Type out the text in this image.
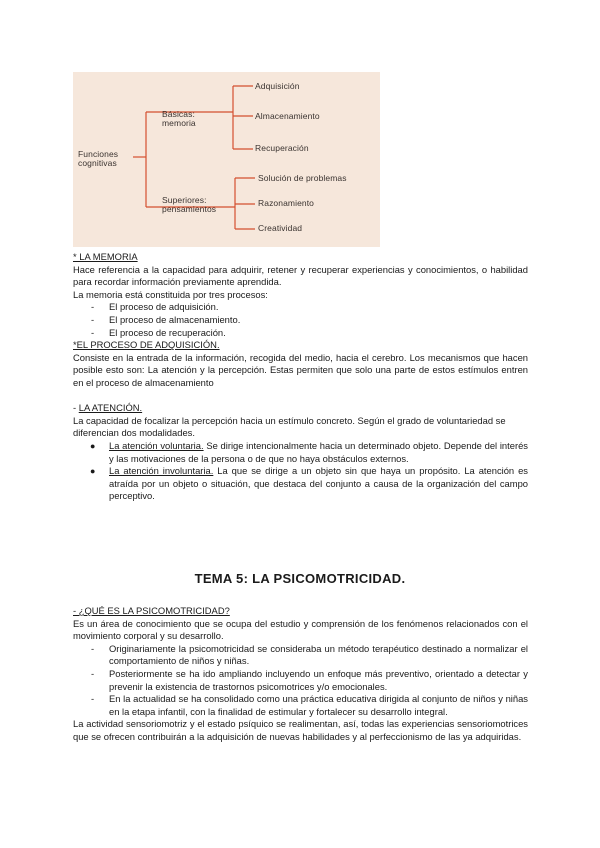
Funciones
cognitivas
Básicas:
memoria
Superiores:
pensamientos
Adquisición
Almacenamiento
Recuperación
Solución de problemas
Razonamiento
Creatividad

* LA MEMORIA

Hace referencia a la capacidad para adquirir, retener y recuperar experiencias y conocimientos, o habilidad para recordar información previamente aprendida.

La memoria está constituida por tres procesos:

- El proceso de adquisición.
- El proceso de almacenamiento.
- El proceso de recuperación.

*EL PROCESO DE ADQUISICIÓN.

Consiste en la entrada de la información, recogida del medio, hacia el cerebro. Los mecanismos que hacen posible esto son: La atención y la percepción. Estas permiten que solo una parte de estos estímulos entren en el proceso de almacenamiento

- LA ATENCIÓN.

La capacidad de focalizar la percepción hacia un estímulo concreto. Según el grado de voluntariedad se diferencian dos modalidades.

● La atención voluntaria. Se dirige intencionalmente hacia un determinado objeto. Depende del interés y las motivaciones de la persona o de que no haya obstáculos externos.
● La atención involuntaria. La que se dirige a un objeto sin que haya un propósito. La atención es atraída por un objeto o situación, que destaca del conjunto a causa de la organización del campo perceptivo.
TEMA 5: LA PSICOMOTRICIDAD.

- ¿QUÉ ES LA PSICOMOTRICIDAD?

Es un área de conocimiento que se ocupa del estudio y comprensión de los fenómenos relacionados con el movimiento corporal y su desarrollo.

- Originariamente la psicomotricidad se consideraba un método terapéutico destinado a normalizar el comportamiento de niños y niñas.
- Posteriormente se ha ido ampliando incluyendo un enfoque más preventivo, orientado a detectar y prevenir la existencia de trastornos psicomotrices y/o emocionales.
- En la actualidad se ha consolidado como una práctica educativa dirigida al conjunto de niños y niñas en la etapa infantil, con la finalidad de estimular y fortalecer su desarrollo integral.

La actividad sensoriomotriz y el estado psíquico se realimentan, así, todas las experiencias sensoriomotrices que se ofrecen contribuirán a la adquisición de nuevas habilidades y al perfeccionismo de las ya adquiridas.
